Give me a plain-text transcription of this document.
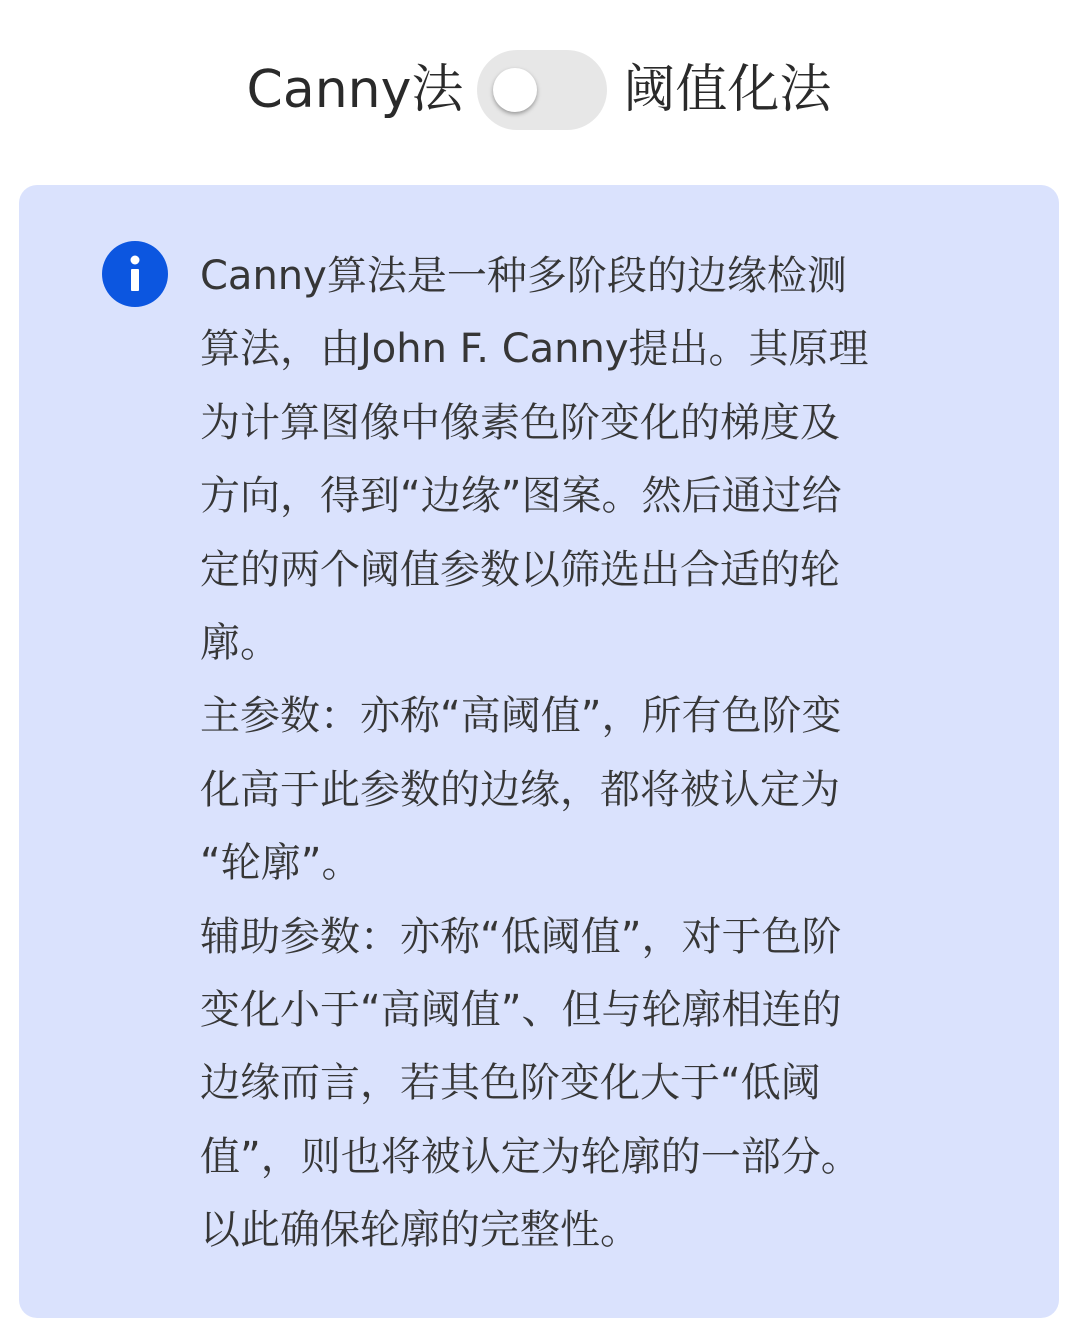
Canny法	阈值化法

Canny算法是一种多阶段的边缘检测

算法，由John F. Canny提出。其原理

为计算图像中像素色阶变化的梯度及

方向，得到“边缘”图案。然后通过给

定的两个阈值参数以筛选出合适的轮

廓。

主参数：亦称“高阈值”，所有色阶变

化高于此参数的边缘，都将被认定为

“轮廓”。

辅助参数：亦称“低阈值”，对于色阶

变化小于“高阈值”、但与轮廓相连的

边缘而言，若其色阶变化大于“低阈

值”，则也将被认定为轮廓的一部分。

以此确保轮廓的完整性。
